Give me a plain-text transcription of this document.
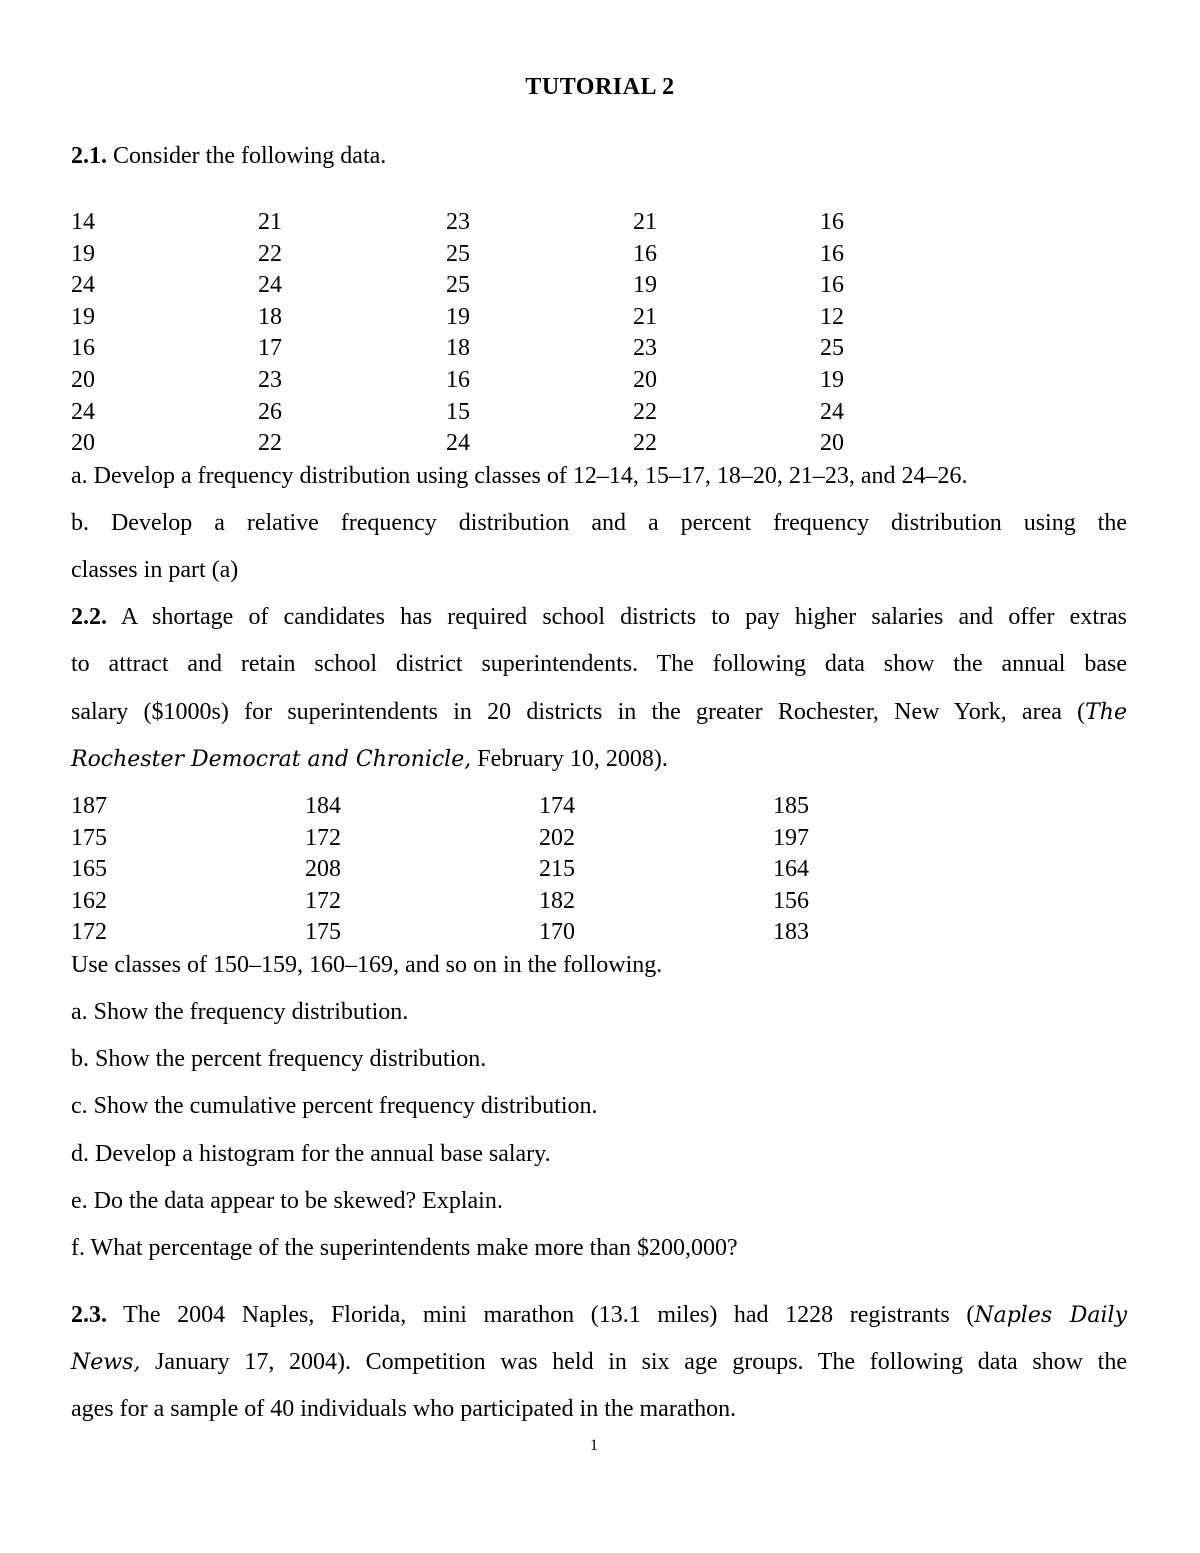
TUTORIAL 2
2.1. Consider the following data.
14	21	23	21	16
19	22	25	16	16
24	24	25	19	16
19	18	19	21	12
16	17	18	23	25
20	23	16	20	19
24	26	15	22	24
20	22	24	22	20
a. Develop a frequency distribution using classes of 12–14, 15–17, 18–20, 21–23, and 24–26.
b. Develop a relative frequency distribution and a percent frequency distribution using the
classes in part (a)
2.2. A shortage of candidates has required school districts to pay higher salaries and offer extras
to attract and retain school district superintendents. The following data show the annual base
salary ($1000s) for superintendents in 20 districts in the greater Rochester, New York, area (The
Rochester Democrat and Chronicle, February 10, 2008).
187	184	174	185
175	172	202	197
165	208	215	164
162	172	182	156
172	175	170	183
Use classes of 150–159, 160–169, and so on in the following.
a. Show the frequency distribution.
b. Show the percent frequency distribution.
c. Show the cumulative percent frequency distribution.
d. Develop a histogram for the annual base salary.
e. Do the data appear to be skewed? Explain.
f. What percentage of the superintendents make more than $200,000?
2.3. The 2004 Naples, Florida, mini marathon (13.1 miles) had 1228 registrants (Naples Daily
News, January 17, 2004). Competition was held in six age groups. The following data show the
ages for a sample of 40 individuals who participated in the marathon.
1
